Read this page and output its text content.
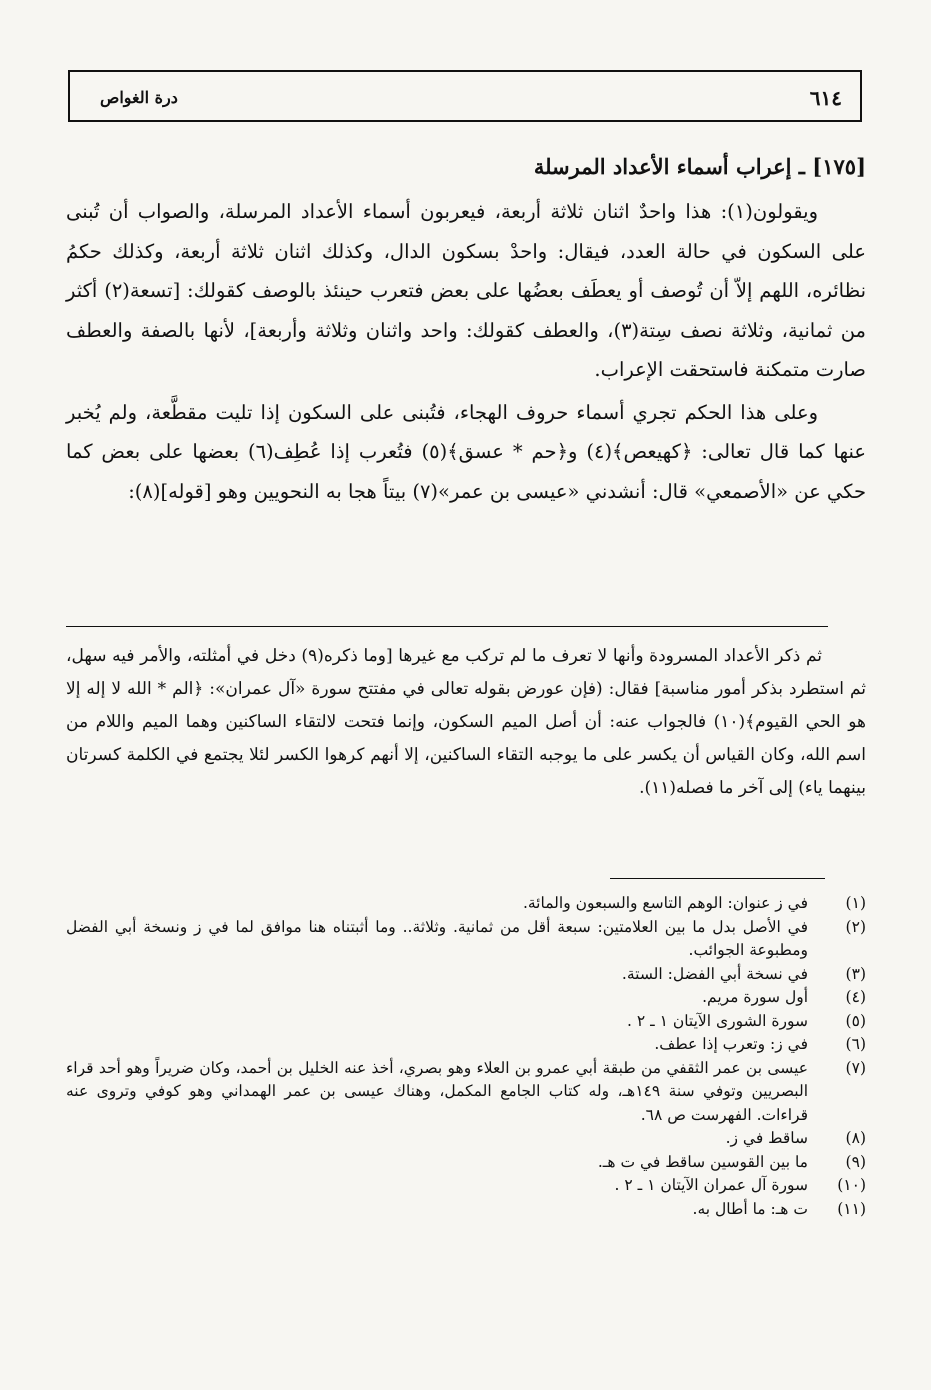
٦١٤
درة الغواص
[١٧٥] ـ إعراب أسماء الأعداد المرسلة

ويقولون(١): هذا واحدٌ اثنان ثلاثة أربعة، فيعربون أسماء الأعداد المرسلة، والصواب أن تُبنى على السكون في حالة العدد، فيقال: واحدْ بسكون الدال، وكذلك اثنان ثلاثة أربعة، وكذلك حكمُ نظائره، اللهم إلاّ أن تُوصف أو يعطَف بعضُها على بعض فتعرب حينئذ بالوصف كقولك: [تسعة(٢) أكثر من ثمانية، وثلاثة نصف سِتة(٣)، والعطف كقولك: واحد واثنان وثلاثة وأربعة]، لأنها بالصفة والعطف صارت متمكنة فاستحقت الإعراب.

وعلى هذا الحكم تجري أسماء حروف الهجاء، فتُبنى على السكون إذا تليت مقطَّعة، ولم يُخبر عنها كما قال تعالى: ﴿كهيعص﴾(٤) و﴿حم * عسق﴾(٥) فتُعرب إذا عُطِف(٦) بعضها على بعض كما حكي عن «الأصمعي» قال: أنشدني «عيسى بن عمر»(٧) بيتاً هجا به النحويين وهو [قوله](٨):

ثم ذكر الأعداد المسرودة وأنها لا تعرف ما لم تركب مع غيرها [وما ذكره(٩) دخل في أمثلته، والأمر فيه سهل، ثم استطرد بذكر أمور مناسبة] فقال: (فإن عورض بقوله تعالى في مفتتح سورة «آل عمران»: ﴿الم * الله لا إله إلا هو الحي القيوم﴾(١٠) فالجواب عنه: أن أصل الميم السكون، وإنما فتحت لالتقاء الساكنين وهما الميم واللام من اسم الله، وكان القياس أن يكسر على ما يوجبه التقاء الساكنين، إلا أنهم كرهوا الكسر لئلا يجتمع في الكلمة كسرتان بينهما ياء) إلى آخر ما فصله(١١).

(١)
في ز عنوان: الوهم التاسع والسبعون والمائة.
(٢)
في الأصل بدل ما بين العلامتين: سبعة أقل من ثمانية. وثلاثة.. وما أثبتناه هنا موافق لما في ز ونسخة أبي الفضل ومطبوعة الجوائب.
(٣)
في نسخة أبي الفضل: الستة.
(٤)
أول سورة مريم.
(٥)
سورة الشورى الآيتان ١ ـ ٢ .
(٦)
في ز: وتعرب إذا عطف.
(٧)
عيسى بن عمر الثقفي من طبقة أبي عمرو بن العلاء وهو بصري، أخذ عنه الخليل بن أحمد، وكان ضريراً وهو أحد قراء البصريين وتوفي سنة ١٤٩هـ، وله كتاب الجامع المكمل، وهناك عيسى بن عمر الهمداني وهو كوفي وتروى عنه قراءات. الفهرست ص ٦٨.
(٨)
ساقط في ز.
(٩)
ما بين القوسين ساقط في ت هـ.
(١٠)
سورة آل عمران الآيتان ١ ـ ٢ .
(١١)
ت هـ: ما أطال به.
